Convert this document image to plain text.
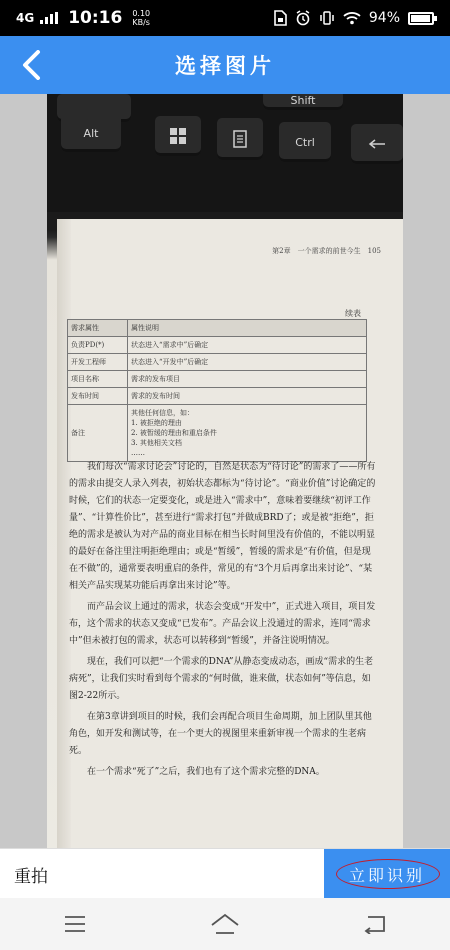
4G 10:16 0.10
KB/s	94%
选择图片
Shift
Alt
Ctrl
第2章　一个需求的前世今生　105
续表
需求属性	属性说明
负责PD(*)	状态进入“需求中”后确定
开发工程师	状态进入“开发中”后确定
项目名称	需求的发布项目
发布时间	需求的发布时间
备注	其他任何信息，如：
1. 被拒绝的理由
2. 被暂缓的理由和重启条件
3. 其他相关文档
……

我们每次“需求讨论会”讨论的，自然是状态为“待讨论”的需求了——所有的需求由提交人录入列表，初始状态都标为“待讨论”。“商业价值”讨论确定的时候，它们的状态一定要变化，或是进入“需求中”，意味着要继续“初评工作量”、“计算性价比”，甚至进行“需求打包”并做成BRD了；或是被“拒绝”，拒绝的需求是被认为对产品的商业目标在相当长时间里没有价值的，不能以明显的最好在备注里注明拒绝理由；或是“暂缓”，暂缓的需求是“有价值，但是现在不做”的，通常要表明重启的条件，常见的有“3个月后再拿出来讨论”、“某相关产品实现某功能后再拿出来讨论”等。

而产品会议上通过的需求，状态会变成“开发中”，正式进入项目，项目发布，这个需求的状态又变成“已发布”。产品会议上没通过的需求，连同“需求中”但未被打包的需求，状态可以转移到“暂缓”，并备注说明情况。

现在，我们可以把“一个需求的DNA”从静态变成动态，画成“需求的生老病死”，让我们实时看到每个需求的“何时做，谁来做，状态如何”等信息，如图2-22所示。

在第3章讲到项目的时候，我们会再配合项目生命周期，加上团队里其他角色，如开发和测试等，在一个更大的视图里来重新审视一个需求的生老病死。

在一个需求“死了”之后，我们也有了这个需求完整的DNA。

重拍	立即识别
